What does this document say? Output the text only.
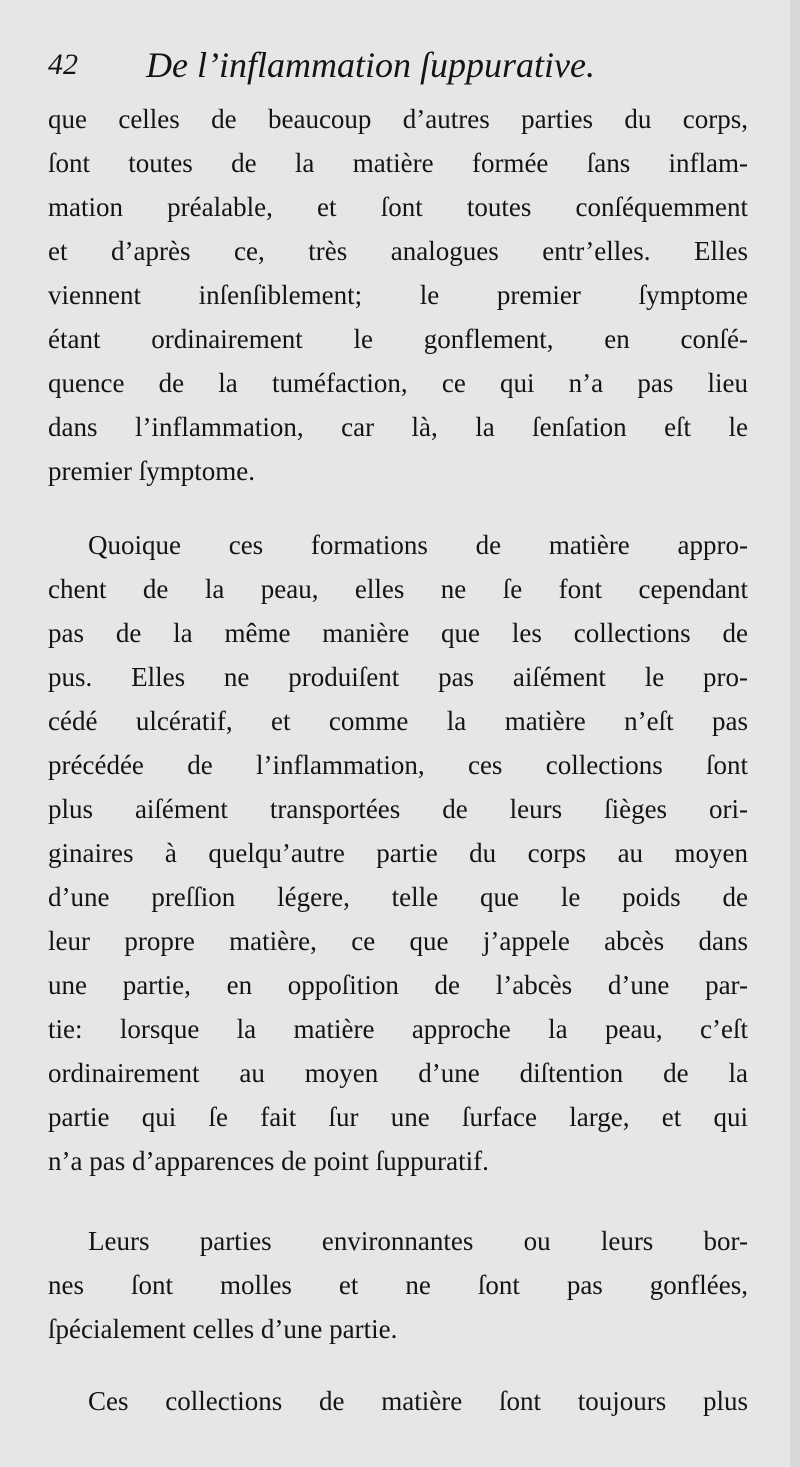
42 De l’inflammation ſuppurative.
que celles de beaucoup d’autres parties du corps,
ſont toutes de la matière formée ſans inflam-
mation préalable, et ſont toutes conſéquemment
et d’après ce, très analogues entr’elles. Elles
viennent inſenſiblement; le premier ſymptome
étant ordinairement le gonflement, en conſé-
quence de la tuméfaction, ce qui n’a pas lieu
dans l’inflammation, car là, la ſenſation eſt le
premier ſymptome.
Quoique ces formations de matière appro-
chent de la peau, elles ne ſe font cependant
pas de la même manière que les collections de
pus. Elles ne produiſent pas aiſément le pro-
cédé ulcératif, et comme la matière n’eſt pas
précédée de l’inflammation, ces collections ſont
plus aiſément transportées de leurs ſièges ori-
ginaires à quelqu’autre partie du corps au moyen
d’une preſſion légere, telle que le poids de
leur propre matière, ce que j’appele abcès dans
une partie, en oppoſition de l’abcès d’une par-
tie: lorsque la matière approche la peau, c’eſt
ordinairement au moyen d’une diſtention de la
partie qui ſe fait ſur une ſurface large, et qui
n’a pas d’apparences de point ſuppuratif.
Leurs parties environnantes ou leurs bor-
nes ſont molles et ne ſont pas gonflées,
ſpécialement celles d’une partie.
Ces collections de matière ſont toujours plus
